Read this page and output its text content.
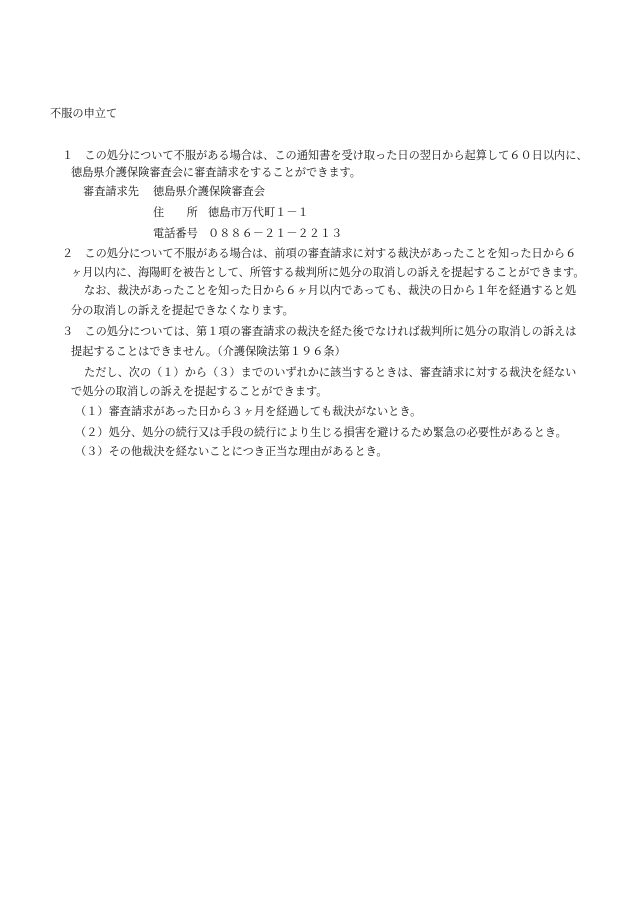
不服の申立て

１　この処分について不服がある場合は、この通知書を受け取った日の翌日から起算して６０日以内に、

徳島県介護保険審査会に審査請求をすることができます。

審査請求先 徳島県介護保険審査会

住　　所 徳島市万代町１－１

電話番号 ０８８６－２１－２２１３

２　この処分について不服がある場合は、前項の審査請求に対する裁決があったことを知った日から６

ヶ月以内に、海陽町を被告として、所管する裁判所に処分の取消しの訴えを提起することができます。

なお、裁決があったことを知った日から６ヶ月以内であっても、裁決の日から１年を経過すると処

分の取消しの訴えを提起できなくなります。

３　この処分については、第１項の審査請求の裁決を経た後でなければ裁判所に処分の取消しの訴えは

提起することはできません。（介護保険法第１９６条）

ただし、次の（１）から（３）までのいずれかに該当するときは、審査請求に対する裁決を経ない

で処分の取消しの訴えを提起することができます。

（１）審査請求があった日から３ヶ月を経過しても裁決がないとき。

（２）処分、処分の続行又は手段の続行により生じる損害を避けるため緊急の必要性があるとき。

（３）その他裁決を経ないことにつき正当な理由があるとき。
